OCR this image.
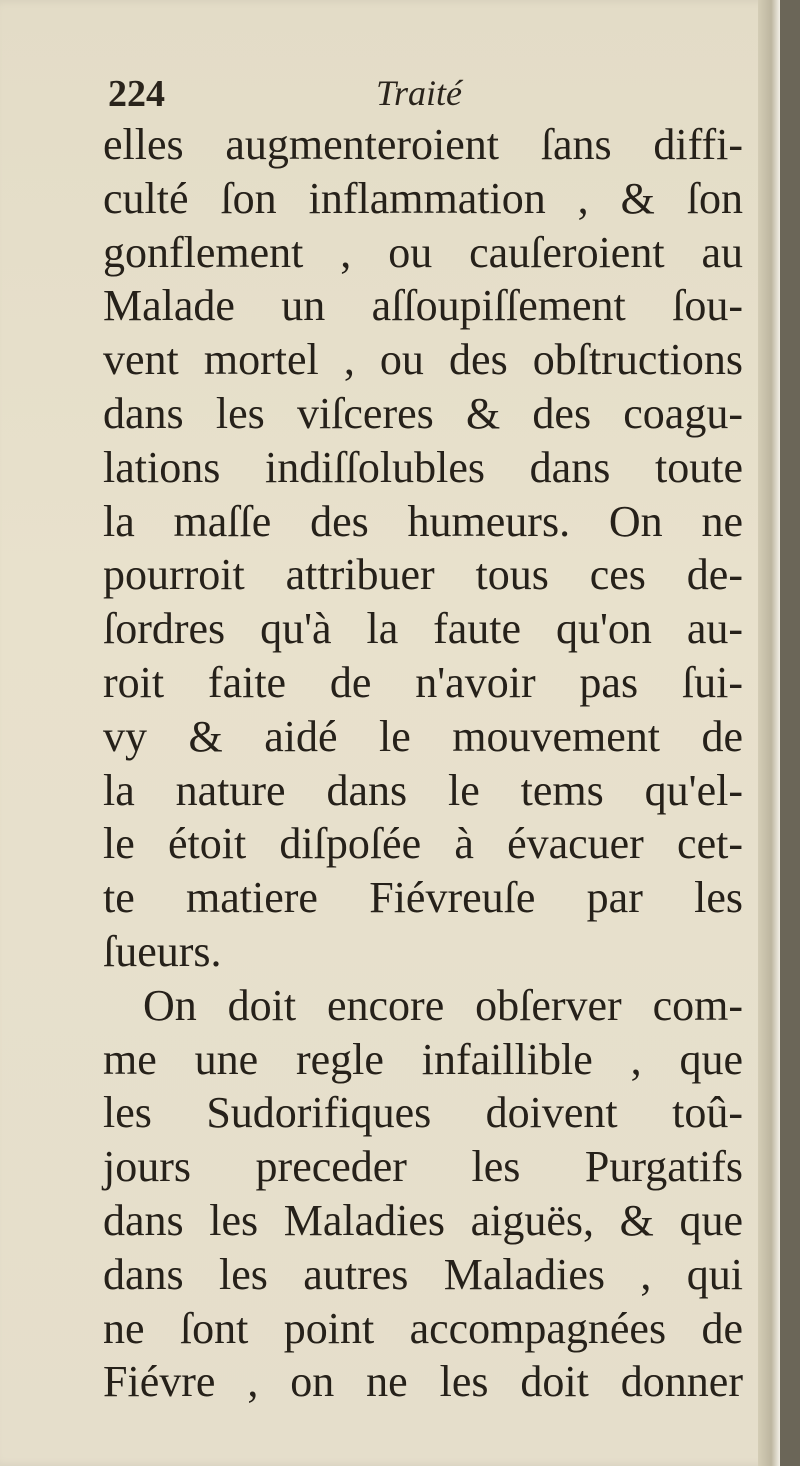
224	Traité
elles augmenteroient ſans diffi-
culté ſon inflammation , & ſon
gonflement , ou cauſeroient au
Malade un aſſoupiſſement ſou-
vent mortel , ou des obſtructions
dans les viſceres & des coagu-
lations indiſſolubles dans toute
la maſſe des humeurs. On ne
pourroit attribuer tous ces de-
ſordres qu'à la faute qu'on au-
roit faite de n'avoir pas ſui-
vy & aidé le mouvement de
la nature dans le tems qu'el-
le étoit diſpoſée à évacuer cet-
te matiere Fiévreuſe par les
ſueurs.
On doit encore obſerver com-
me une regle infaillible , que
les Sudorifiques doivent toû-
jours preceder les Purgatifs
dans les Maladies aiguës, & que
dans les autres Maladies , qui
ne ſont point accompagnées de
Fiévre , on ne les doit donner
